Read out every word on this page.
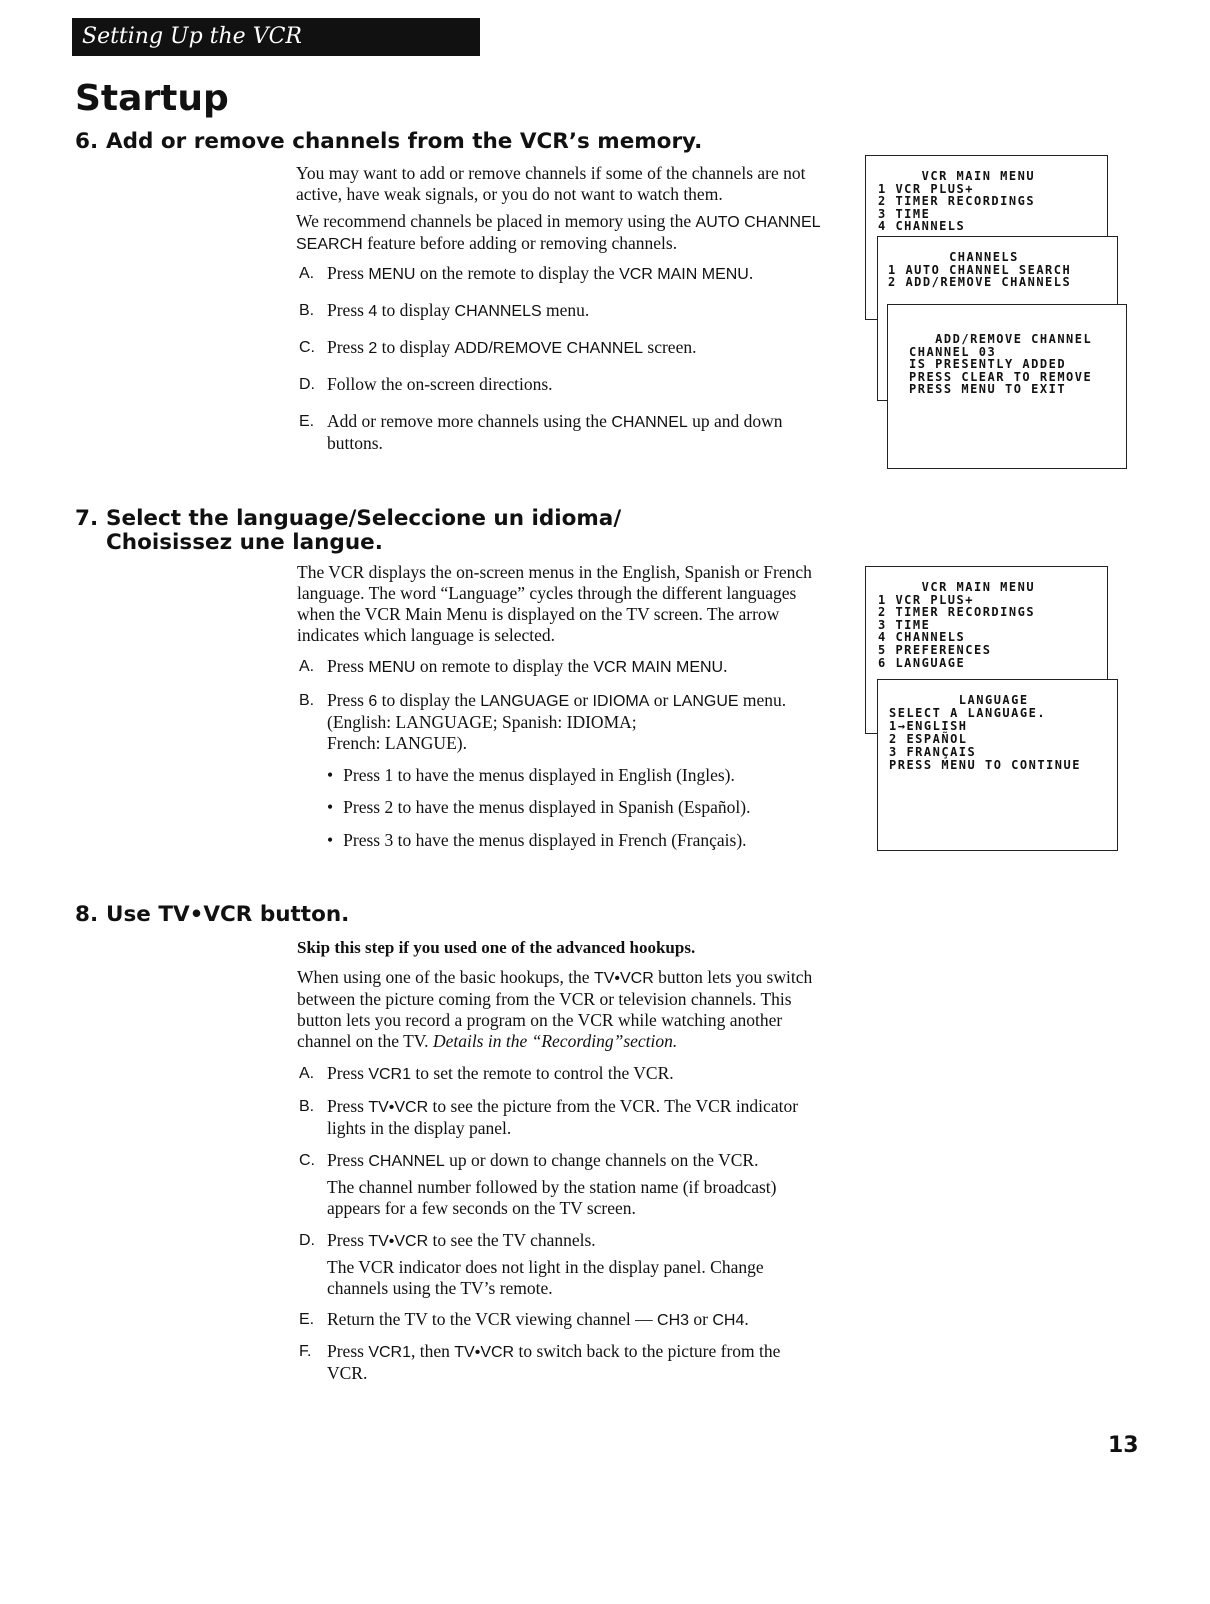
Setting Up the VCR
Startup
6. Add or remove channels from the VCR’s memory.

You may want to add or remove channels if some of the channels are not active, have weak signals, or you do not want to watch them.

We recommend channels be placed in memory using the AUTO CHANNEL SEARCH feature before adding or removing channels.

A. Press MENU on the remote to display the VCR MAIN MENU.
B. Press 4 to display CHANNELS menu.
C. Press 2 to display ADD/REMOVE CHANNEL screen.
D. Follow the on-screen directions.
E. Add or remove more channels using the CHANNEL up and down buttons.
VCR MAIN MENU
1 VCR PLUS+
2 TIMER RECORDINGS
3 TIME
4 CHANNELS
CHANNELS
1 AUTO CHANNEL SEARCH
2 ADD/REMOVE CHANNELS
ADD/REMOVE CHANNEL
CHANNEL 03
IS PRESENTLY ADDED
PRESS CLEAR TO REMOVE
PRESS MENU TO EXIT
7. Select the language/Seleccione un idioma/
Choisissez une langue.
The VCR displays the on-screen menus in the English, Spanish or French language. The word “Language” cycles through the different languages when the VCR Main Menu is displayed on the TV screen. The arrow indicates which language is selected.
A. Press MENU on remote to display the VCR MAIN MENU.
B. Press 6 to display the LANGUAGE or IDIOMA or LANGUE menu.
(English: LANGUAGE; Spanish: IDIOMA;
French: LANGUE).
• Press 1 to have the menus displayed in English (Ingles).
• Press 2 to have the menus displayed in Spanish (Español).
• Press 3 to have the menus displayed in French (Français).
VCR MAIN MENU
1 VCR PLUS+
2 TIMER RECORDINGS
3 TIME
4 CHANNELS
5 PREFERENCES
6 LANGUAGE
LANGUAGE
SELECT A LANGUAGE.
1→ENGLISH
2 ESPAÑOL
3 FRANÇAIS
PRESS MENU TO CONTINUE
8. Use TV•VCR button.
Skip this step if you used one of the advanced hookups.
When using one of the basic hookups, the TV•VCR button lets you switch between the picture coming from the VCR or television channels. This button lets you record a program on the VCR while watching another channel on the TV. Details in the “Recording”section.
A. Press VCR1 to set the remote to control the VCR.
B. Press TV•VCR to see the picture from the VCR. The VCR indicator lights in the display panel.
C. Press CHANNEL up or down to change channels on the VCR.

The channel number followed by the station name (if broadcast) appears for a few seconds on the TV screen.

D. Press TV•VCR to see the TV channels.

The VCR indicator does not light in the display panel. Change channels using the TV’s remote.

E. Return the TV to the VCR viewing channel — CH3 or CH4.
F. Press VCR1, then TV•VCR to switch back to the picture from the VCR.
13
